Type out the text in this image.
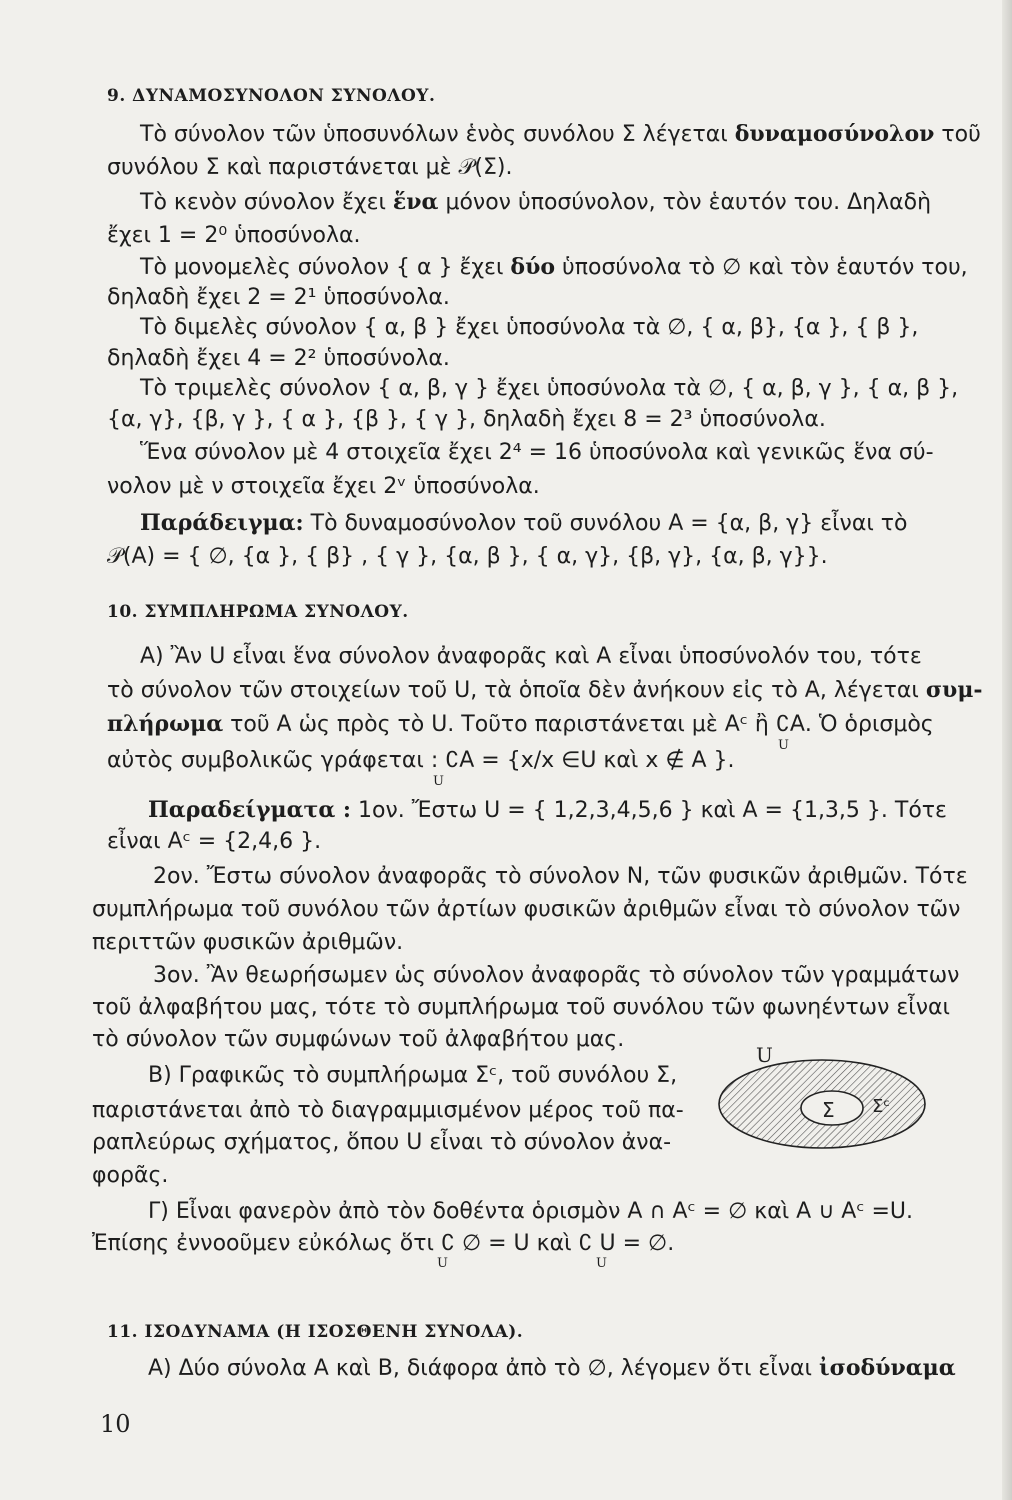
9. ΔΥΝΑΜΟΣΥΝΟΛΟΝ ΣΥΝΟΛΟΥ.
Τὸ σύνολον τῶν ὑποσυνόλων ἑνὸς συνόλου Σ λέγεται δυναμοσύνολον τοῦ
συνόλου Σ καὶ παριστάνεται μὲ 𝒫(Σ).
Τὸ κενὸν σύνολον ἔχει ἕνα μόνον ὑποσύνολον, τὸν ἑαυτόν του. Δηλαδὴ
ἔχει 1 = 2⁰ ὑποσύνολα.
Τὸ μονομελὲς σύνολον { α } ἔχει δύο ὑποσύνολα τὸ ∅ καὶ τὸν ἑαυτόν του,
δηλαδὴ ἔχει 2 = 2¹ ὑποσύνολα.
Τὸ διμελὲς σύνολον { α, β } ἔχει ὑποσύνολα τὰ ∅, { α, β}, {α }, { β },
δηλαδὴ ἔχει 4 = 2² ὑποσύνολα.
Τὸ τριμελὲς σύνολον { α, β, γ } ἔχει ὑποσύνολα τὰ ∅, { α, β, γ }, { α, β },
{α, γ}, {β, γ }, { α }, {β }, { γ }, δηλαδὴ ἔχει 8 = 2³ ὑποσύνολα.
Ἕνα σύνολον μὲ 4 στοιχεῖα ἔχει 2⁴ = 16 ὑποσύνολα καὶ γενικῶς ἕνα σύ-
νολον μὲ ν στοιχεῖα ἔχει 2ᵛ ὑποσύνολα.
Παράδειγμα: Τὸ δυναμοσύνολον τοῦ συνόλου Α = {α, β, γ} εἶναι τὸ
𝒫(Α) = { ∅, {α }, { β} , { γ }, {α, β }, { α, γ}, {β, γ}, {α, β, γ}}.
10. ΣΥΜΠΛΗΡΩΜΑ ΣΥΝΟΛΟΥ.
Α) Ἂν U εἶναι ἕνα σύνολον ἀναφορᾶς καὶ Α εἶναι ὑποσύνολόν του, τότε
τὸ σύνολον τῶν στοιχείων τοῦ U, τὰ ὁποῖα δὲν ἀνήκουν εἰς τὸ Α, λέγεται συμ-
πλήρωμα τοῦ Α ὡς πρὸς τὸ U. Τοῦτο παριστάνεται μὲ Αᶜ ἢ ∁Α. Ὁ ὁρισμὸς
U
αὐτὸς συμβολικῶς γράφεται : ∁Α = {x/x ∈U καὶ x ∉ Α }.
U
Παραδείγματα : 1ον. Ἔστω U = { 1,2,3,4,5,6 } καὶ Α = {1,3,5 }. Τότε
εἶναι Αᶜ = {2,4,6 }.
2ον. Ἔστω σύνολον ἀναφορᾶς τὸ σύνολον Ν, τῶν φυσικῶν ἀριθμῶν. Τότε
συμπλήρωμα τοῦ συνόλου τῶν ἀρτίων φυσικῶν ἀριθμῶν εἶναι τὸ σύνολον τῶν
περιττῶν φυσικῶν ἀριθμῶν.
3ον. Ἂν θεωρήσωμεν ὡς σύνολον ἀναφορᾶς τὸ σύνολον τῶν γραμμάτων
τοῦ ἀλφαβήτου μας, τότε τὸ συμπλήρωμα τοῦ συνόλου τῶν φωνηέντων εἶναι
τὸ σύνολον τῶν συμφώνων τοῦ ἀλφαβήτου μας.
Β) Γραφικῶς τὸ συμπλήρωμα Σᶜ, τοῦ συνόλου Σ,
παριστάνεται ἀπὸ τὸ διαγραμμισμένον μέρος τοῦ πα-
ραπλεύρως σχήματος, ὅπου U εἶναι τὸ σύνολον ἀνα-
φορᾶς.
U
Σ Σᶜ
Γ) Εἶναι φανερὸν ἀπὸ τὸν δοθέντα ὁρισμὸν Α ∩ Αᶜ = ∅ καὶ Α ∪ Αᶜ =U.
Ἐπίσης ἐννοοῦμεν εὐκόλως ὅτι ∁ ∅ = U καὶ ∁ U = ∅.
U	U
11. ΙΣΟΔΥΝΑΜΑ (Η ΙΣΟΣΘΕΝΗ ΣΥΝΟΛΑ).
Α) Δύο σύνολα Α καὶ Β, διάφορα ἀπὸ τὸ ∅, λέγομεν ὅτι εἶναι ἰσοδύναμα
10
